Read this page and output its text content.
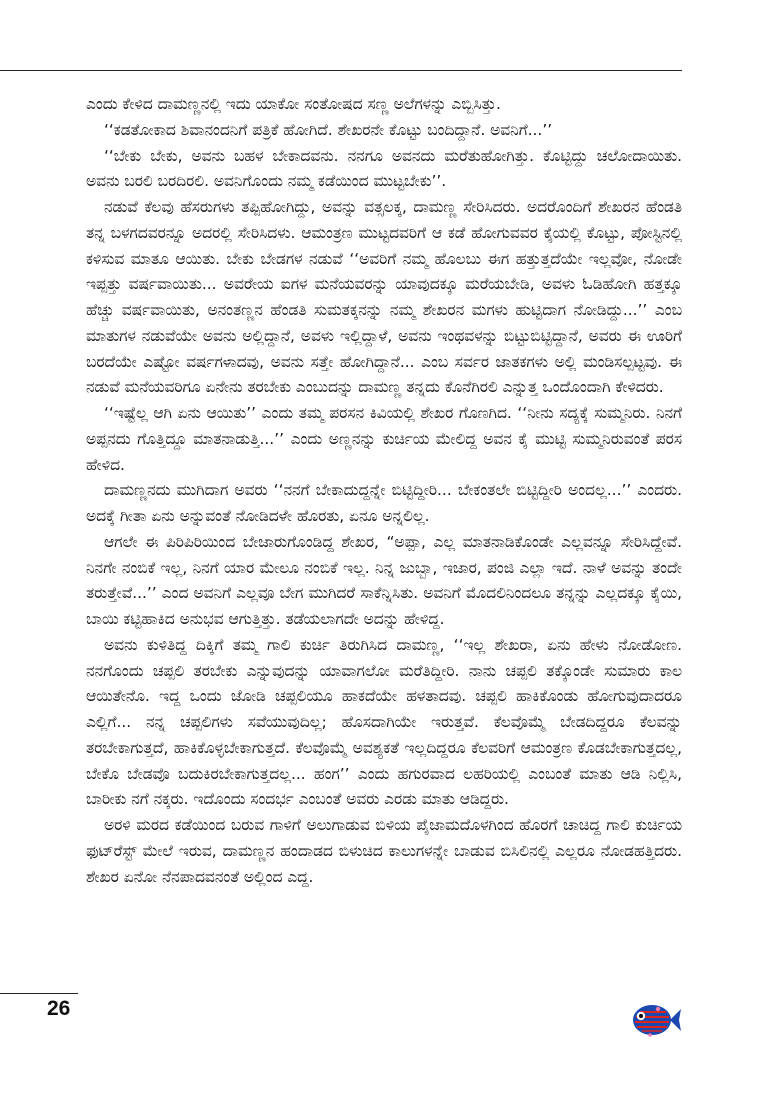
ಎಂದು ಕೇಳಿದ ದಾಮಣ್ಣನಲ್ಲಿ ಇದು ಯಾಕೋ ಸಂತೋಷದ ಸಣ್ಣ ಅಲೆಗಳನ್ನು ಎಬ್ಬಿಸಿತ್ತು.

‘‘ಕಡತೋಕಾದ ಶಿವಾನಂದನಿಗೆ ಪತ್ರಿಕೆ ಹೋಗಿದೆ. ಶೇಖರನೇ ಕೊಟ್ಟು ಬಂದಿದ್ದಾನೆ. ಅವನಿಗೆ...’’

‘‘ಬೇಕು ಬೇಕು, ಅವನು ಬಹಳ ಬೇಕಾದವನು. ನನಗೂ ಅವನದು ಮರೆತುಹೋಗಿತ್ತು. ಕೊಟ್ಟಿದ್ದು ಚಲೋದಾಯಿತು. ಅವನು ಬರಲಿ ಬರದಿರಲಿ. ಅವನಿಗೊಂದು ನಮ್ಮ ಕಡೆಯಿಂದ ಮುಟ್ಟಬೇಕು’’.

ನಡುವೆ ಕೆಲವು ಹೆಸರುಗಳು ತಪ್ಪಿಹೋಗಿದ್ದು, ಅವನ್ನು ವತ್ಸಲಕ್ಕ, ದಾಮಣ್ಣ ಸೇರಿಸಿದರು. ಅದರೊಂದಿಗೆ ಶೇಖರನ ಹೆಂಡತಿ ತನ್ನ ಬಳಗದವರನ್ನೂ ಅದರಲ್ಲಿ ಸೇರಿಸಿದಳು. ಆಮಂತ್ರಣ ಮುಟ್ಟದವರಿಗೆ ಆ ಕಡೆ ಹೋಗುವವರ ಕೈಯಲ್ಲಿ ಕೊಟ್ಟು, ಪೋಸ್ಟಿನಲ್ಲಿ ಕಳಿಸುವ ಮಾತೂ ಆಯಿತು. ಬೇಕು ಬೇಡಗಳ ನಡುವೆ ‘‘ಅವರಿಗೆ ನಮ್ಮ ಹೊಲಬು ಈಗ ಹತ್ತುತ್ತದೆಯೇ ಇಲ್ಲವೋ, ನೋಡೇ ಇಪ್ಪತ್ತು ವರ್ಷವಾಯಿತು... ಅವರೇಯ ಐಗಳ ಮನೆಯವರನ್ನು ಯಾವುದಕ್ಕೂ ಮರೆಯಬೇಡಿ, ಅವಳು ಓಡಿಹೋಗಿ ಹತ್ತಕ್ಕೂ ಹೆಚ್ಚು ವರ್ಷವಾಯಿತು, ಅನಂತಣ್ಣನ ಹೆಂಡತಿ ಸುಮತಕ್ಕನನ್ನು ನಮ್ಮ ಶೇಖರನ ಮಗಳು ಹುಟ್ಟಿದಾಗ ನೋಡಿದ್ದು...’’ ಎಂಬ ಮಾತುಗಳ ನಡುವೆಯೇ ಅವನು ಅಲ್ಲಿದ್ದಾನೆ, ಅವಳು ಇಲ್ಲಿದ್ದಾಳೆ, ಅವನು ಇಂಥವಳನ್ನು ಬಿಟ್ಟುಬಿಟ್ಟಿದ್ದಾನೆ, ಅವರು ಈ ಊರಿಗೆ ಬರದೆಯೇ ಎಷ್ಟೋ ವರ್ಷಗಳಾದವು, ಅವನು ಸತ್ತೇ ಹೋಗಿದ್ದಾನೆ... ಎಂಬ ಸರ್ವರ ಜಾತಕಗಳು ಅಲ್ಲಿ ಮಂಡಿಸಲ್ಪಟ್ಟವು. ಈ ನಡುವೆ ಮನೆಯವರಿಗೂ ಏನೇನು ತರಬೇಕು ಎಂಬುದನ್ನು ದಾಮಣ್ಣ ತನ್ನದು ಕೊನೆಗಿರಲಿ ಎನ್ನುತ್ತ ಒಂದೊಂದಾಗಿ ಕೇಳಿದರು.

‘‘ಇಷ್ಟೆಲ್ಲ ಆಗಿ ಏನು ಆಯಿತು’’ ಎಂದು ತಮ್ಮ ಪರಸನ ಕಿವಿಯಲ್ಲಿ ಶೇಖರ ಗೊಣಗಿದ. ‘‘ನೀನು ಸದ್ಯಕ್ಕೆ ಸುಮ್ಮನಿರು. ನಿನಗೆ ಅಪ್ಪನದು ಗೊತ್ತಿದ್ದೂ ಮಾತನಾಡುತ್ತಿ...’’ ಎಂದು ಅಣ್ಣನನ್ನು ಕುರ್ಚಿಯ ಮೇಲಿದ್ದ ಅವನ ಕೈ ಮುಟ್ಟಿ ಸುಮ್ಮನಿರುವಂತೆ ಪರಸ ಹೇಳಿದ.

ದಾಮಣ್ಣನದು ಮುಗಿದಾಗ ಅವರು ‘‘ನನಗೆ ಬೇಕಾದುದ್ದನ್ನೇ ಬಿಟ್ಟಿದ್ದೀರಿ... ಬೇಕಂತಲೇ ಬಿಟ್ಟಿದ್ದೀರಿ ಅಂದಲ್ಲ...’’ ಎಂದರು. ಅದಕ್ಕೆ ಗೀತಾ ಏನು ಅನ್ನುವಂತೆ ನೋಡಿದಳೇ ಹೊರತು, ಏನೂ ಅನ್ನಲಿಲ್ಲ.

ಆಗಲೇ ಈ ಪಿರಿಪಿರಿಯಿಂದ ಬೇಜಾರುಗೊಂಡಿದ್ದ ಶೇಖರ, “ಅಪ್ಪಾ, ಎಲ್ಲ ಮಾತನಾಡಿಕೊಂಡೇ ಎಲ್ಲವನ್ನೂ ಸೇರಿಸಿದ್ದೇವೆ. ನಿನಗೇ ನಂಬಿಕೆ ಇಲ್ಲ, ನಿನಗೆ ಯಾರ ಮೇಲೂ ನಂಬಿಕೆ ಇಲ್ಲ. ನಿನ್ನ ಜುಬ್ಬಾ, ಇಜಾರ, ಪಂಜಿ ಎಲ್ಲಾ ಇದೆ. ನಾಳೆ ಅವನ್ನು ತಂದೇ ತರುತ್ತೇವೆ...’’ ಎಂದ ಅವನಿಗೆ ಎಲ್ಲವೂ ಬೇಗ ಮುಗಿದರೆ ಸಾಕೆನ್ನಿಸಿತು. ಅವನಿಗೆ ಮೊದಲಿನಿಂದಲೂ ತನ್ನನ್ನು ಎಲ್ಲದಕ್ಕೂ ಕೈಯಿ, ಬಾಯಿ ಕಟ್ಟಿಹಾಕಿದ ಅನುಭವ ಆಗುತ್ತಿತ್ತು. ತಡೆಯಲಾಗದೇ ಅದನ್ನು ಹೇಳಿದ್ದ.

ಅವನು ಕುಳಿತಿದ್ದ ದಿಕ್ಕಿಗೆ ತಮ್ಮ ಗಾಲಿ ಕುರ್ಚಿ ತಿರುಗಿಸಿದ ದಾಮಣ್ಣ, ‘‘ಇಲ್ಲ ಶೇಖರಾ, ಏನು ಹೇಳು ನೋಡೋಣ. ನನಗೊಂದು ಚಪ್ಪಲಿ ತರಬೇಕು ಎನ್ನುವುದನ್ನು ಯಾವಾಗಲೋ ಮರೆತಿದ್ದೀರಿ. ನಾನು ಚಪ್ಪಲಿ ತಕ್ಕೊಂಡೇ ಸುಮಾರು ಕಾಲ ಆಯಿತೇನೊ. ಇದ್ದ ಒಂದು ಜೋಡಿ ಚಪ್ಪಲಿಯೂ ಹಾಕದೆಯೇ ಹಳತಾದವು. ಚಪ್ಪಲಿ ಹಾಕಿಕೊಂಡು ಹೋಗುವುದಾದರೂ ಎಲ್ಲಿಗೆ... ನನ್ನ ಚಪ್ಪಲಿಗಳು ಸವೆಯುವುದಿಲ್ಲ; ಹೊಸದಾಗಿಯೇ ಇರುತ್ತವೆ. ಕೆಲವೊಮ್ಮೆ ಬೇಡದಿದ್ದರೂ ಕೆಲವನ್ನು ತರಬೇಕಾಗುತ್ತದೆ, ಹಾಕಿಕೊಳ್ಳಬೇಕಾಗುತ್ತದೆ. ಕೆಲವೊಮ್ಮೆ ಅವಶ್ಯಕತೆ ಇಲ್ಲದಿದ್ದರೂ ಕೆಲವರಿಗೆ ಆಮಂತ್ರಣ ಕೊಡಬೇಕಾಗುತ್ತದಲ್ಲ, ಬೇಕೊ ಬೇಡವೊ ಬದುಕಿರಬೇಕಾಗುತ್ತದಲ್ಲ... ಹಂಗ’’ ಎಂದು ಹಗುರವಾದ ಲಹರಿಯಲ್ಲಿ ಎಂಬಂತೆ ಮಾತು ಆಡಿ ನಿಲ್ಲಿಸಿ, ಬಾರೀಕು ನಗೆ ನಕ್ಕರು. ಇದೊಂದು ಸಂದರ್ಭ ಎಂಬಂತೆ ಅವರು ಎರಡು ಮಾತು ಆಡಿದ್ದರು.

ಅರಳಿ ಮರದ ಕಡೆಯಿಂದ ಬರುವ ಗಾಳಿಗೆ ಅಲುಗಾಡುವ ಬಿಳಿಯ ಪೈಜಾಮದೊಳಗಿಂದ ಹೊರಗೆ ಚಾಚಿದ್ದ ಗಾಲಿ ಕುರ್ಚಿಯ ಫುಟ್‌ರೆಸ್ಟ್ ಮೇಲೆ ಇರುವ, ದಾಮಣ್ಣನ ಹಂದಾಡದ ಬಿಳುಚಿದ ಕಾಲುಗಳನ್ನೇ ಬಾಡುವ ಬಿಸಿಲಿನಲ್ಲಿ ಎಲ್ಲರೂ ನೋಡಹತ್ತಿದರು. ಶೇಖರ ಏನೋ ನೆನಪಾದವನಂತೆ ಅಲ್ಲಿಂದ ಎದ್ದ.

26
